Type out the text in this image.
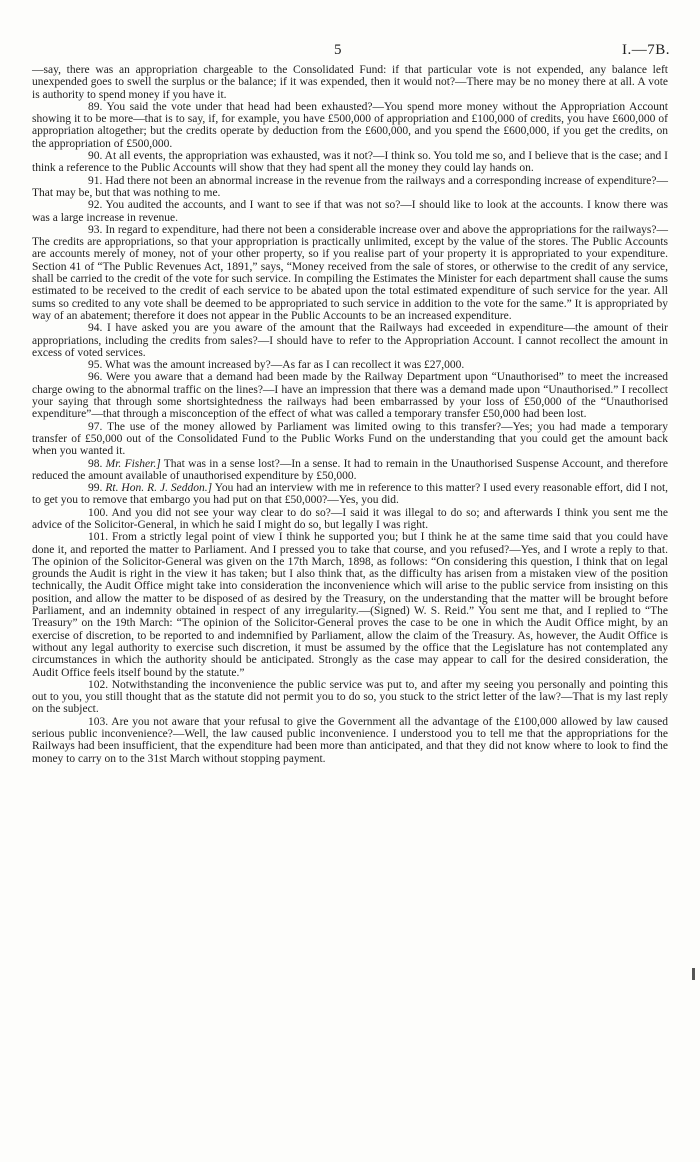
5	I.—7B.

—say, there was an appropriation chargeable to the Consolidated Fund: if that particular vote is not expended, any balance left unexpended goes to swell the surplus or the balance; if it was expended, then it would not?—There may be no money there at all. A vote is authority to spend money if you have it.

89. You said the vote under that head had been exhausted?—You spend more money without the Appropriation Account showing it to be more—that is to say, if, for example, you have £500,000 of appropriation and £100,000 of credits, you have £600,000 of appropriation altogether; but the credits operate by deduction from the £600,000, and you spend the £600,000, if you get the credits, on the appropriation of £500,000.

90. At all events, the appropriation was exhausted, was it not?—I think so. You told me so, and I believe that is the case; and I think a reference to the Public Accounts will show that they had spent all the money they could lay hands on.

91. Had there not been an abnormal increase in the revenue from the railways and a corresponding increase of expenditure?—That may be, but that was nothing to me.

92. You audited the accounts, and I want to see if that was not so?—I should like to look at the accounts. I know there was was a large increase in revenue.

93. In regard to expenditure, had there not been a considerable increase over and above the appropriations for the railways?—The credits are appropriations, so that your appropriation is practically unlimited, except by the value of the stores. The Public Accounts are accounts merely of money, not of your other property, so if you realise part of your property it is appropriated to your expenditure. Section 41 of “The Public Revenues Act, 1891,” says, “Money received from the sale of stores, or otherwise to the credit of any service, shall be carried to the credit of the vote for such service. In compiling the Estimates the Minister for each department shall cause the sums estimated to be received to the credit of each service to be abated upon the total estimated expenditure of such service for the year. All sums so credited to any vote shall be deemed to be appropriated to such service in addition to the vote for the same.” It is appropriated by way of an abatement; therefore it does not appear in the Public Accounts to be an increased expenditure.

94. I have asked you are you aware of the amount that the Railways had exceeded in expenditure—the amount of their appropriations, including the credits from sales?—I should have to refer to the Appropriation Account. I cannot recollect the amount in excess of voted services.

95. What was the amount increased by?—As far as I can recollect it was £27,000.

96. Were you aware that a demand had been made by the Railway Department upon “Unauthorised” to meet the increased charge owing to the abnormal traffic on the lines?—I have an impression that there was a demand made upon “Unauthorised.” I recollect your saying that through some shortsightedness the railways had been embarrassed by your loss of £50,000 of the “Unauthorised expenditure”—that through a misconception of the effect of what was called a temporary transfer £50,000 had been lost.

97. The use of the money allowed by Parliament was limited owing to this transfer?—Yes; you had made a temporary transfer of £50,000 out of the Consolidated Fund to the Public Works Fund on the understanding that you could get the amount back when you wanted it.

98. Mr. Fisher.] That was in a sense lost?—In a sense. It had to remain in the Unauthorised Suspense Account, and therefore reduced the amount available of unauthorised expenditure by £50,000.

99. Rt. Hon. R. J. Seddon.] You had an interview with me in reference to this matter? I used every reasonable effort, did I not, to get you to remove that embargo you had put on that £50,000?—Yes, you did.

100. And you did not see your way clear to do so?—I said it was illegal to do so; and afterwards I think you sent me the advice of the Solicitor-General, in which he said I might do so, but legally I was right.

101. From a strictly legal point of view I think he supported you; but I think he at the same time said that you could have done it, and reported the matter to Parliament. And I pressed you to take that course, and you refused?—Yes, and I wrote a reply to that. The opinion of the Solicitor-General was given on the 17th March, 1898, as follows: “On considering this question, I think that on legal grounds the Audit is right in the view it has taken; but I also think that, as the difficulty has arisen from a mistaken view of the position technically, the Audit Office might take into consideration the inconvenience which will arise to the public service from insisting on this position, and allow the matter to be disposed of as desired by the Treasury, on the understanding that the matter will be brought before Parliament, and an indemnity obtained in respect of any irregularity.—(Signed) W. S. Reid.” You sent me that, and I replied to “The Treasury” on the 19th March: “The opinion of the Solicitor-General proves the case to be one in which the Audit Office might, by an exercise of discretion, to be reported to and indemnified by Parliament, allow the claim of the Treasury. As, however, the Audit Office is without any legal authority to exercise such discretion, it must be assumed by the office that the Legislature has not contemplated any circumstances in which the authority should be anticipated. Strongly as the case may appear to call for the desired consideration, the Audit Office feels itself bound by the statute.”

102. Notwithstanding the inconvenience the public service was put to, and after my seeing you personally and pointing this out to you, you still thought that as the statute did not permit you to do so, you stuck to the strict letter of the law?—That is my last reply on the subject.

103. Are you not aware that your refusal to give the Government all the advantage of the £100,000 allowed by law caused serious public inconvenience?—Well, the law caused public inconvenience. I understood you to tell me that the appropriations for the Railways had been insufficient, that the expenditure had been more than anticipated, and that they did not know where to look to find the money to carry on to the 31st March without stopping payment.
